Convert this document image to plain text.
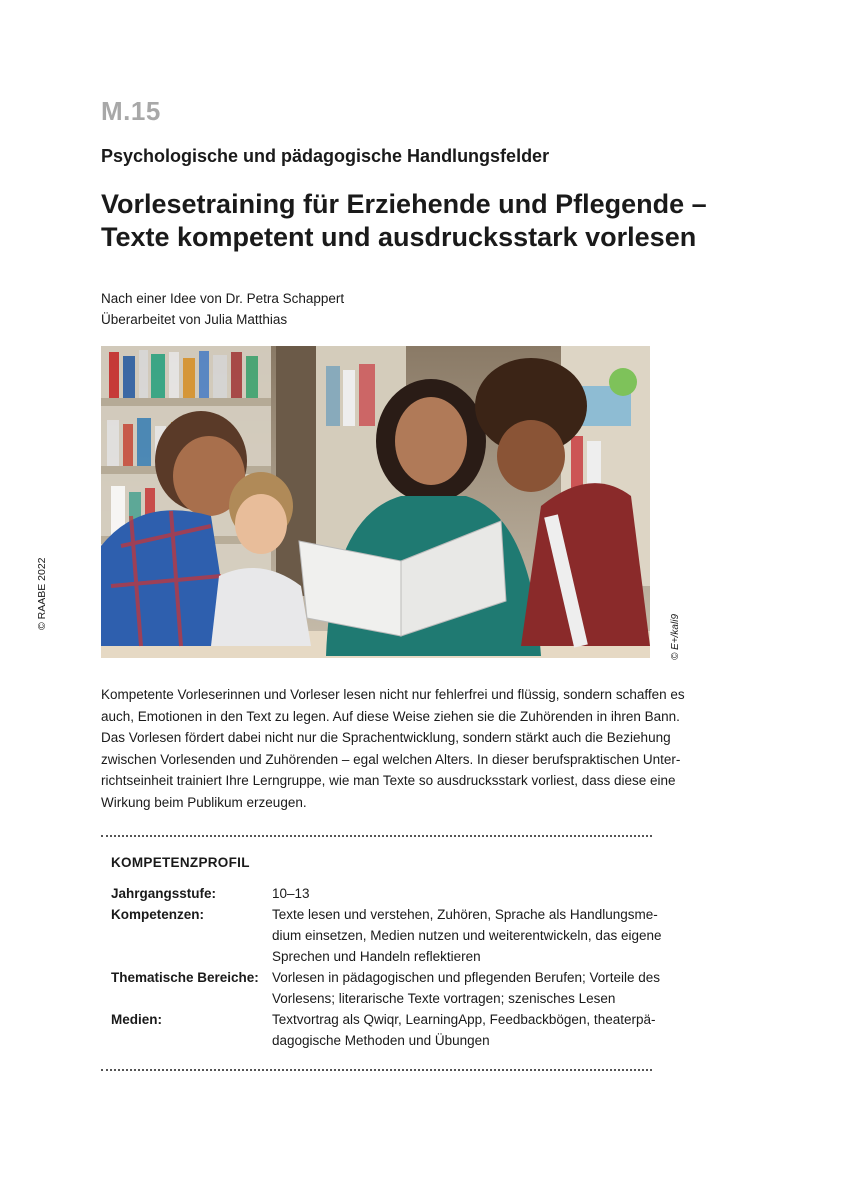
M.15
Psychologische und pädagogische Handlungsfelder
Vorlesetraining für Erziehende und Pflegende –
Texte kompetent und ausdrucksstark vorlesen
Nach einer Idee von Dr. Petra Schappert
Überarbeitet von Julia Matthias
© RAABE 2022
© E+/kali9
Kompetente Vorleserinnen und Vorleser lesen nicht nur fehlerfrei und flüssig, sondern schaffen es
auch, Emotionen in den Text zu legen. Auf diese Weise ziehen sie die Zuhörenden in ihren Bann.
Das Vorlesen fördert dabei nicht nur die Sprachentwicklung, sondern stärkt auch die Beziehung
zwischen Vorlesenden und Zuhörenden – egal welchen Alters. In dieser berufspraktischen Unter-
richtseinheit trainiert Ihre Lerngruppe, wie man Texte so ausdrucksstark vorliest, dass diese eine
Wirkung beim Publikum erzeugen.
KOMPETENZPROFIL
Jahrgangsstufe:	10–13
Kompetenzen:	Texte lesen und verstehen, Zuhören, Sprache als Handlungsme-
dium einsetzen, Medien nutzen und weiterentwickeln, das eigene
Sprechen und Handeln reflektieren
Thematische Bereiche: Vorlesen in pädagogischen und pflegenden Berufen; Vorteile des
Vorlesens; literarische Texte vortragen; szenisches Lesen
Medien:	Textvortrag als Qwiqr, LearningApp, Feedbackbögen, theaterpä-
dagogische Methoden und Übungen
